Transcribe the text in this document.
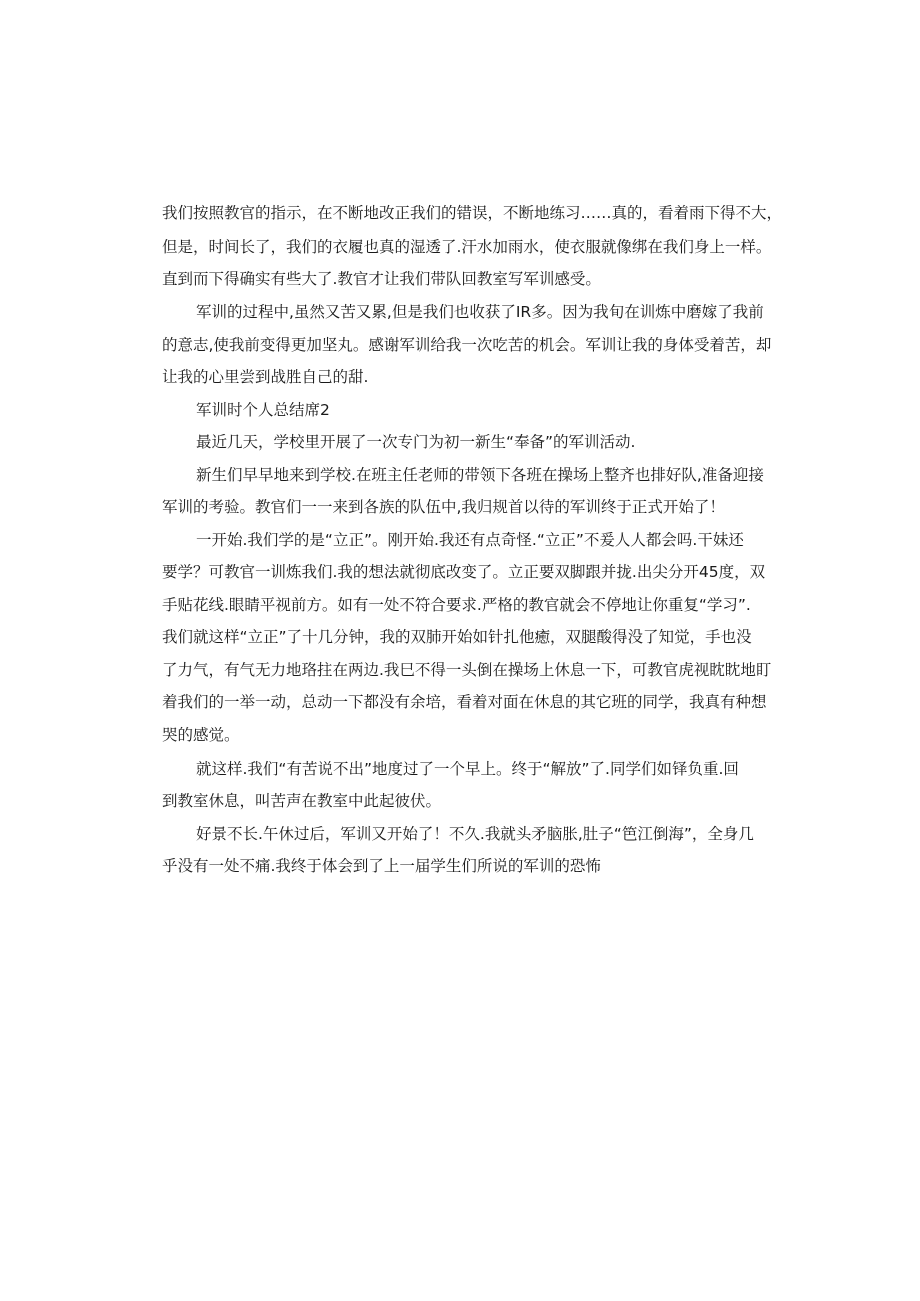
我们按照教官的指示，在不断地改正我们的错误，不断地练习……真的，看着雨下得不大，
但是，时间长了，我们的衣履也真的湿透了.汗水加雨水，使衣服就像绑在我们身上一样。
直到而下得确实有些大了.教官才让我们带队回教室写军训感受。
军训的过程中,虽然又苦又累,但是我们也收获了IR多。因为我旬在训炼中磨嫁了我前
的意志,使我前变得更加坚丸。感谢军训给我一次吃苦的机会。军训让我的身体受着苦，却
让我的心里尝到战胜自己的甜.
军训时个人总结席2
最近几天，学校里开展了一次专门为初一新生“奉备”的军训活动.
新生们早早地来到学校.在班主任老师的带领下各班在操场上整齐也排好队,准备迎接
军训的考验。教官们一一来到各族的队伍中,我归规首以待的军训终于正式开始了！
一开始.我们学的是“立正”。刚开始.我还有点奇怪.“立正”不爰人人都会吗.干妹还
要学？可教官一训炼我们.我的想法就彻底改变了。立正要双脚跟并拢.出尖分开45度，双
手贴花线.眼睛平视前方。如有一处不符合要求.严格的教官就会不停地让你重复“学习”.
我们就这样“立正”了十几分钟，我的双肺开始如针扎他癒，双腿酸得没了知觉，手也没
了力气，有气无力地珞拄在两边.我巳不得一头倒在操场上休息一下，可教官虎视眈眈地盯
着我们的一举一动，总动一下都没有余培，看着对面在休息的其它班的同学，我真有种想
哭的感觉。
就这样.我们“有苦说不出”地度过了一个早上。终于“解放”了.同学们如铎负重.回
到教室休息，叫苦声在教室中此起彼伏。
好景不长.午休过后，军训又开始了！不久.我就头矛脑胀,肚子“笆江倒海”，全身几
乎没有一处不痛.我终于体会到了上一届学生们所说的军训的恐怖
